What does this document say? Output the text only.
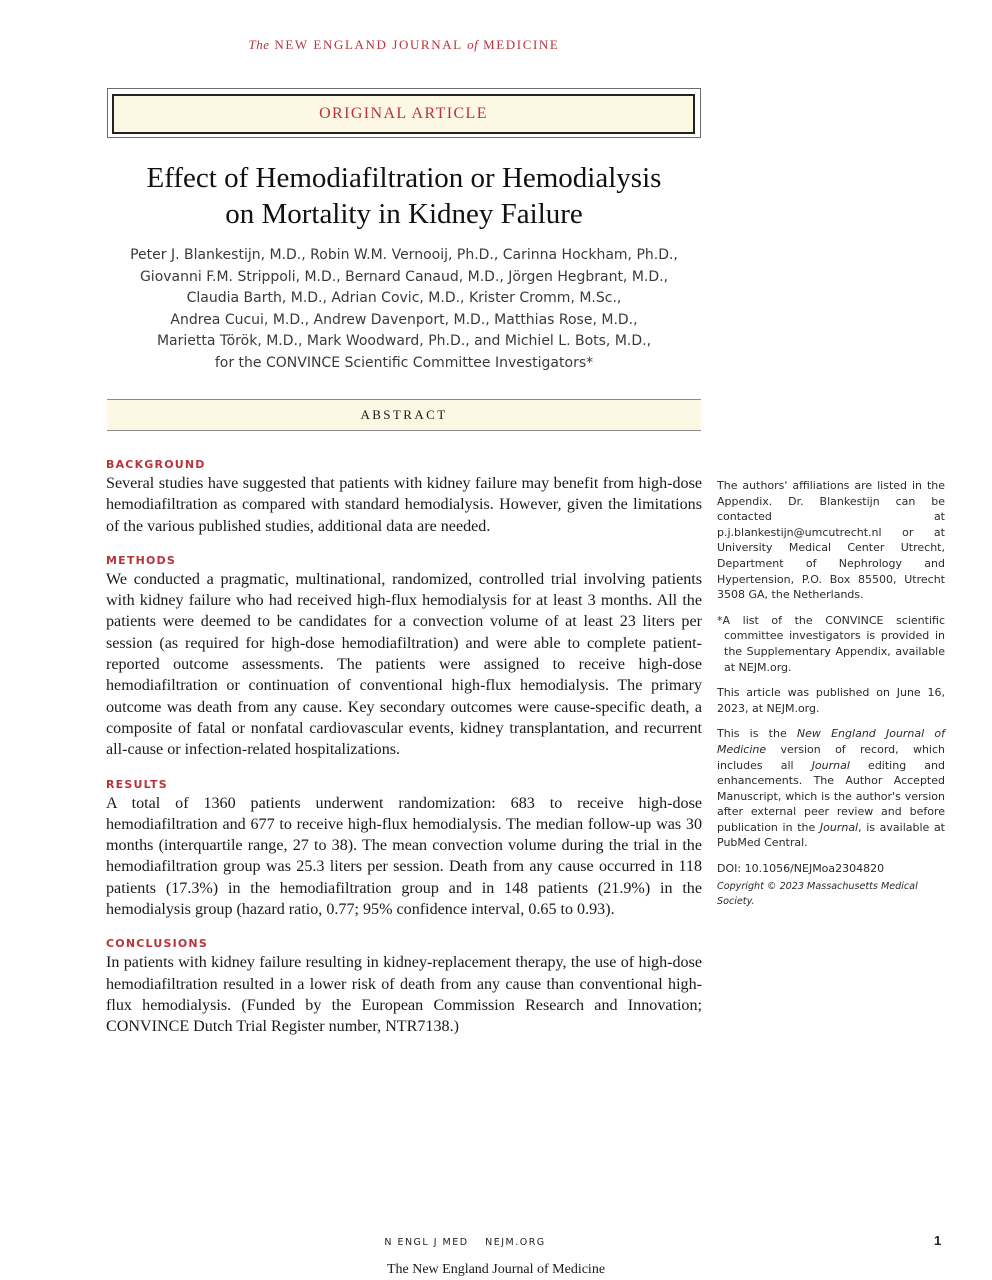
The NEW ENGLAND JOURNAL of MEDICINE
ORIGINAL ARTICLE
Effect of Hemodiafiltration or Hemodialysis
on Mortality in Kidney Failure
Peter J. Blankestijn, M.D., Robin W.M. Vernooij, Ph.D., Carinna Hockham, Ph.D.,
Giovanni F.M. Strippoli, M.D., Bernard Canaud, M.D., Jörgen Hegbrant, M.D.,
Claudia Barth, M.D., Adrian Covic, M.D., Krister Cromm, M.Sc.,
Andrea Cucui, M.D., Andrew Davenport, M.D., Matthias Rose, M.D.,
Marietta Török, M.D., Mark Woodward, Ph.D., and Michiel L. Bots, M.D.,
for the CONVINCE Scientific Committee Investigators*
ABSTRACT
BACKGROUND
Several studies have suggested that patients with kidney failure may benefit from high-dose hemodiafiltration as compared with standard hemodialysis. However, given the limitations of the various published studies, additional data are needed.
METHODS
We conducted a pragmatic, multinational, randomized, controlled trial involving patients with kidney failure who had received high-flux hemodialysis for at least 3 months. All the patients were deemed to be candidates for a convection volume of at least 23 liters per session (as required for high-dose hemodiafiltration) and were able to complete patient-reported outcome assessments. The patients were assigned to receive high-dose hemodiafiltration or continuation of conventional high-flux hemodialysis. The primary outcome was death from any cause. Key secondary outcomes were cause-specific death, a composite of fatal or nonfatal cardiovascular events, kidney transplantation, and recurrent all-cause or infection-related hospitalizations.
RESULTS
A total of 1360 patients underwent randomization: 683 to receive high-dose hemodiafiltration and 677 to receive high-flux hemodialysis. The median follow-up was 30 months (interquartile range, 27 to 38). The mean convection volume during the trial in the hemodiafiltration group was 25.3 liters per session. Death from any cause occurred in 118 patients (17.3%) in the hemodiafiltration group and in 148 patients (21.9%) in the hemodialysis group (hazard ratio, 0.77; 95% confidence interval, 0.65 to 0.93).
CONCLUSIONS
In patients with kidney failure resulting in kidney-replacement therapy, the use of high-dose hemodiafiltration resulted in a lower risk of death from any cause than conventional high-flux hemodialysis. (Funded by the European Commission Research and Innovation; CONVINCE Dutch Trial Register number, NTR7138.)
The authors' affiliations are listed in the Appendix. Dr. Blankestijn can be contacted at p.j.blankestijn@umcutrecht.nl or at University Medical Center Utrecht, Department of Nephrology and Hypertension, P.O. Box 85500, Utrecht 3508 GA, the Netherlands.
*A list of the CONVINCE scientific committee investigators is provided in the Supplementary Appendix, available at NEJM.org.
This article was published on June 16, 2023, at NEJM.org.
This is the New England Journal of Medicine version of record, which includes all Journal editing and enhancements. The Author Accepted Manuscript, which is the author's version after external peer review and before publication in the Journal, is available at PubMed Central.
DOI: 10.1056/NEJMoa2304820
Copyright © 2023 Massachusetts Medical Society.
N ENGL J MED NEJM.ORG	1
The New England Journal of Medicine
